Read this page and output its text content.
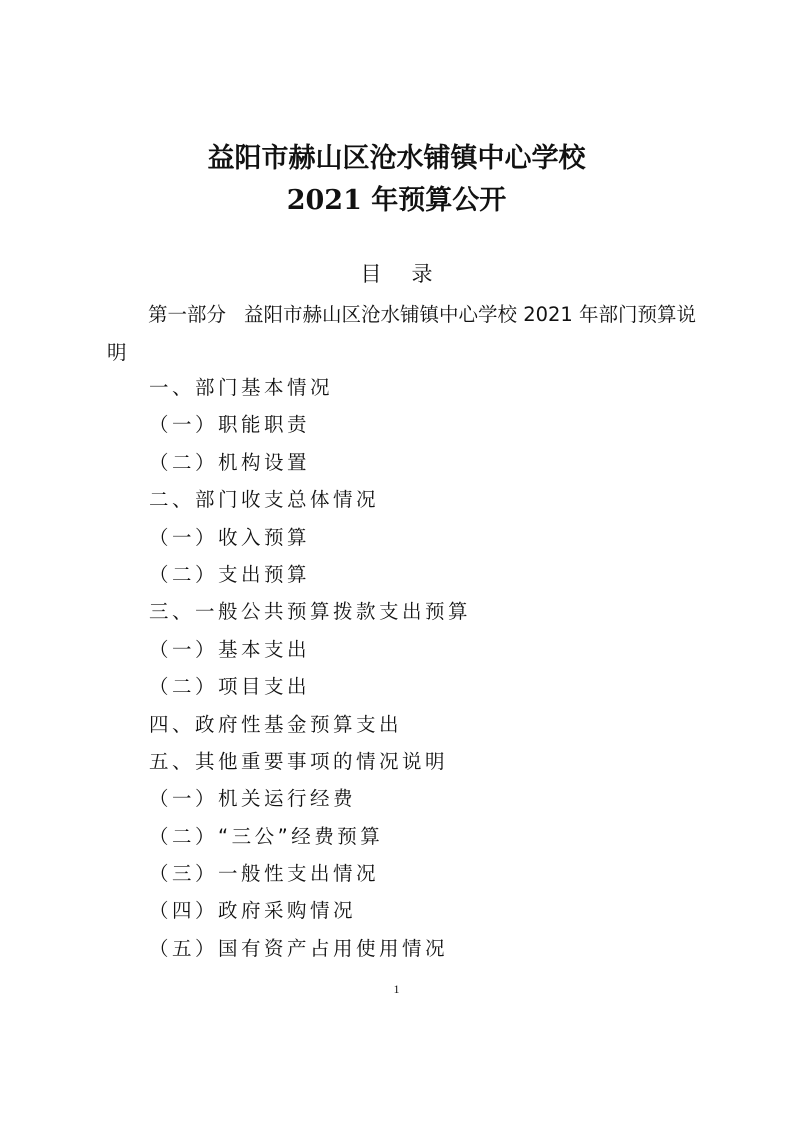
益阳市赫山区沧水铺镇中心学校
2021 年预算公开

目录

第一部分 益阳市赫山区沧水铺镇中心学校 2021 年部门预算说明

一、部门基本情况
（一）职能职责
（二）机构设置
二、部门收支总体情况
（一）收入预算
（二）支出预算
三、一般公共预算拨款支出预算
（一）基本支出
（二）项目支出
四、政府性基金预算支出
五、其他重要事项的情况说明
（一）机关运行经费
（二）“三公”经费预算
（三）一般性支出情况
（四）政府采购情况
（五）国有资产占用使用情况

1
